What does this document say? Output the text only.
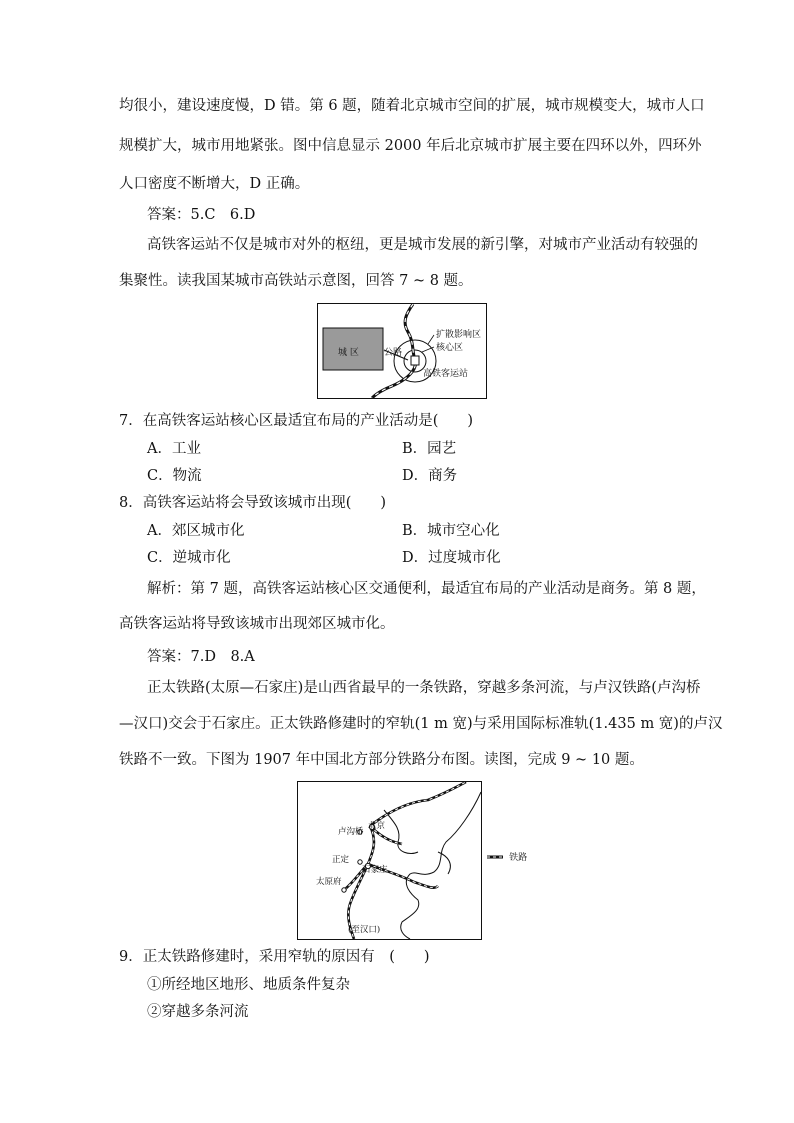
均很小，建设速度慢，D 错。第 6 题，随着北京城市空间的扩展，城市规模变大，城市人口
规模扩大，城市用地紧张。图中信息显示 2000 年后北京城市扩展主要在四环以外，四环外
人口密度不断增大，D 正确。
答案：5.C　6.D
高铁客运站不仅是城市对外的枢纽，更是城市发展的新引擎，对城市产业活动有较强的
集聚性。读我国某城市高铁站示意图，回答 7 ~ 8 题。
城 区	公路
扩散影响区
核心区
高铁客运站
7．在高铁客运站核心区最适宜布局的产业活动是(　　)
A．工业	B．园艺
C．物流	D．商务
8．高铁客运站将会导致该城市出现(　　)
A．郊区城市化	B．城市空心化
C．逆城市化	D．过度城市化
解析：第 7 题，高铁客运站核心区交通便利，最适宜布局的产业活动是商务。第 8 题，
高铁客运站将导致该城市出现郊区城市化。
答案：7.D　8.A
正太铁路(太原—石家庄)是山西省最早的一条铁路，穿越多条河流，与卢汉铁路(卢沟桥
—汉口)交会于石家庄。正太铁路修建时的窄轨(1 m 宽)与采用国际标准轨(1.435 m 宽)的卢汉
铁路不一致。下图为 1907 年中国北方部分铁路分布图。读图，完成 9 ~ 10 题。
北京
卢沟桥
正定
石家庄
太原府
(至汉口)
铁路
9．正太铁路修建时，采用窄轨的原因有　(　　)
①所经地区地形、地质条件复杂
②穿越多条河流
